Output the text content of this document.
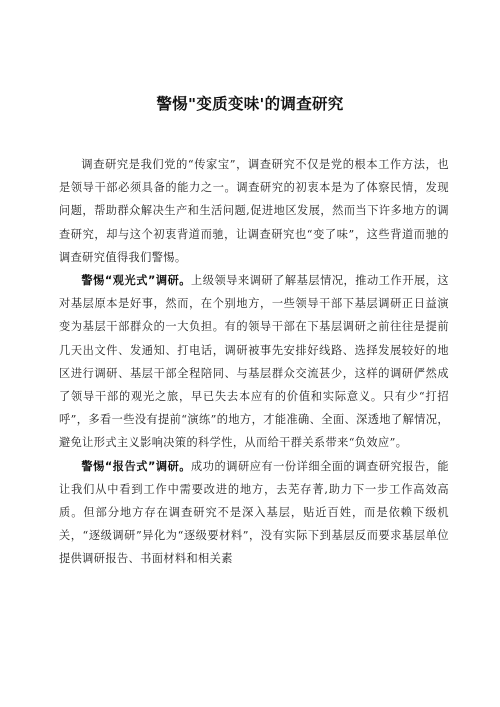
警惕"变质变味'的调查研究

调查研究是我们党的“传家宝”，调查研究不仅是党的根本工作方法，也是领导干部必须具备的能力之一。调查研究的初衷本是为了体察民情，发现问题，帮助群众解决生产和生活问题,促进地区发展，然而当下许多地方的调查研究，却与这个初衷背道而驰，让调查研究也“变了味”，这些背道而驰的调查研究值得我们警惕。

警惕“观光式”调研。上级领导来调研了解基层情况，推动工作开展，这对基层原本是好事，然而，在个别地方，一些领导干部下基层调研正日益演变为基层干部群众的一大负担。有的领导干部在下基层调研之前往往是提前几天出文件、发通知、打电话，调研被事先安排好线路、选择发展较好的地区进行调研、基层干部全程陪同、与基层群众交流甚少，这样的调研俨然成了领导干部的观光之旅，早已失去本应有的价值和实际意义。只有少“打招呼”，多看一些没有提前“演练”的地方，才能准确、全面、深透地了解情况，避免让形式主义影响决策的科学性，从而给干群关系带来“负效应”。

警惕“报告式”调研。成功的调研应有一份详细全面的调查研究报告，能让我们从中看到工作中需要改进的地方，去芜存菁,助力下一步工作高效高质。但部分地方存在调查研究不是深入基层，贴近百姓，而是依赖下级机关，“逐级调研”异化为“逐级要材料”，没有实际下到基层反而要求基层单位提供调研报告、书面材料和相关素
